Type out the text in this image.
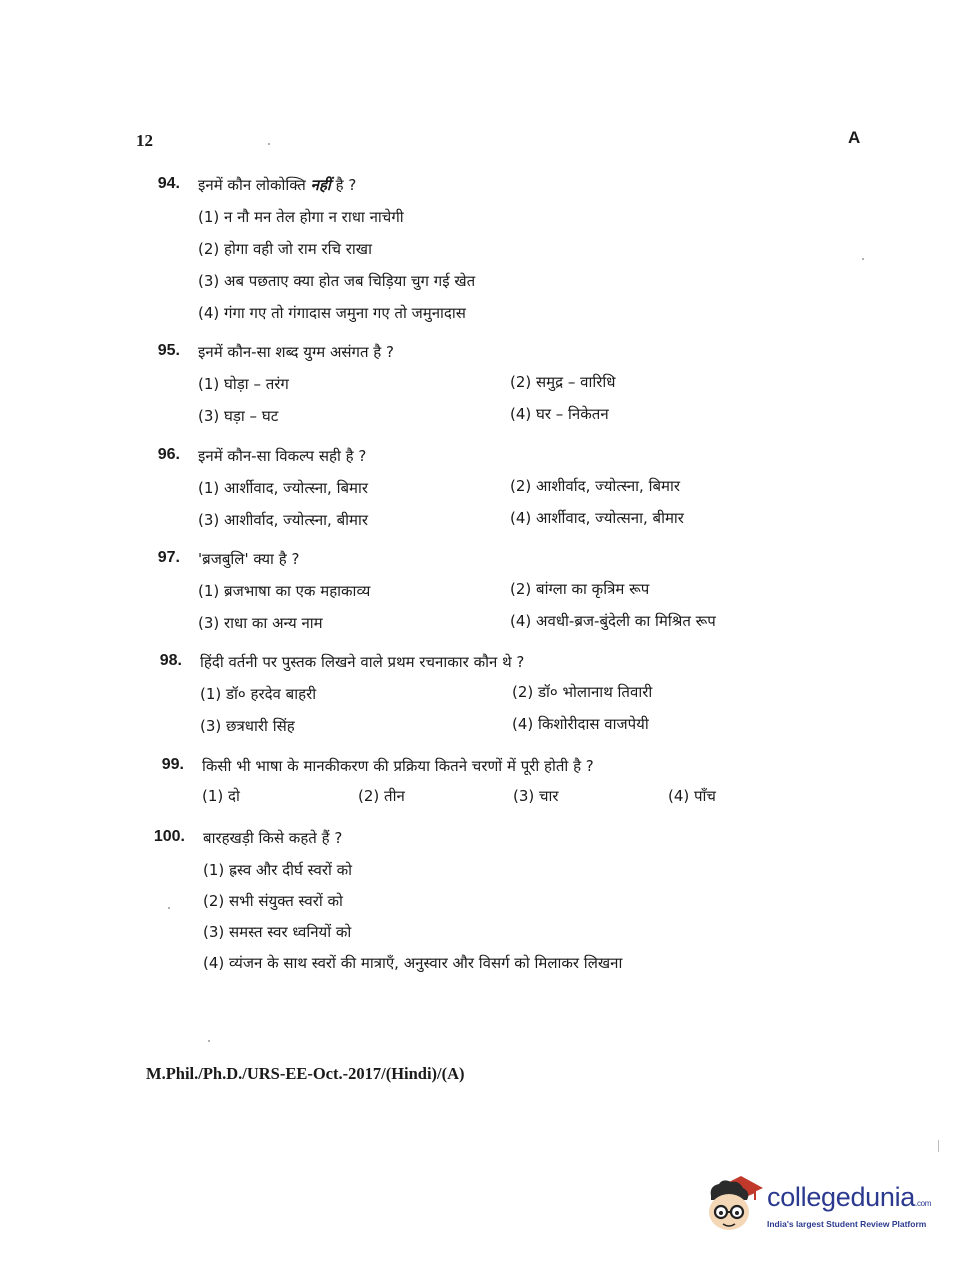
12	A
94. इनमें कौन लोकोक्ति नहीं है ?
(1) न नौ मन तेल होगा न राधा नाचेगी
(2) होगा वही जो राम रचि राखा
(3) अब पछताए क्या होत जब चिड़िया चुग गई खेत
(4) गंगा गए तो गंगादास जमुना गए तो जमुनादास
95. इनमें कौन-सा शब्द युग्म असंगत है ?
(1) घोड़ा – तरंग	(2) समुद्र – वारिधि
(3) घड़ा – घट	(4) घर – निकेतन
96. इनमें कौन-सा विकल्प सही है ?
(1) आर्शीवाद, ज्योत्स्ना, बिमार	(2) आशीर्वाद, ज्योत्स्ना, बिमार
(3) आशीर्वाद, ज्योत्स्ना, बीमार	(4) आर्शीवाद, ज्योत्सना, बीमार
97. 'ब्रजबुलि' क्या है ?
(1) ब्रजभाषा का एक महाकाव्य	(2) बांग्ला का कृत्रिम रूप
(3) राधा का अन्य नाम	(4) अवधी-ब्रज-बुंदेली का मिश्रित रूप
98. हिंदी वर्तनी पर पुस्तक लिखने वाले प्रथम रचनाकार कौन थे ?
(1) डॉ० हरदेव बाहरी	(2) डॉ० भोलानाथ तिवारी
(3) छत्रधारी सिंह	(4) किशोरीदास वाजपेयी
99. किसी भी भाषा के मानकीकरण की प्रक्रिया कितने चरणों में पूरी होती है ?
(1) दो	(2) तीन	(3) चार	(4) पाँच
100. बारहखड़ी किसे कहते हैं ?
(1) ह्रस्व और दीर्घ स्वरों को
(2) सभी संयुक्त स्वरों को
(3) समस्त स्वर ध्वनियों को
(4) व्यंजन के साथ स्वरों की मात्राएँ, अनुस्वार और विसर्ग को मिलाकर लिखना
M.Phil./Ph.D./URS-EE-Oct.-2017/(Hindi)/(A)
collegedunia.com
India's largest Student Review Platform
